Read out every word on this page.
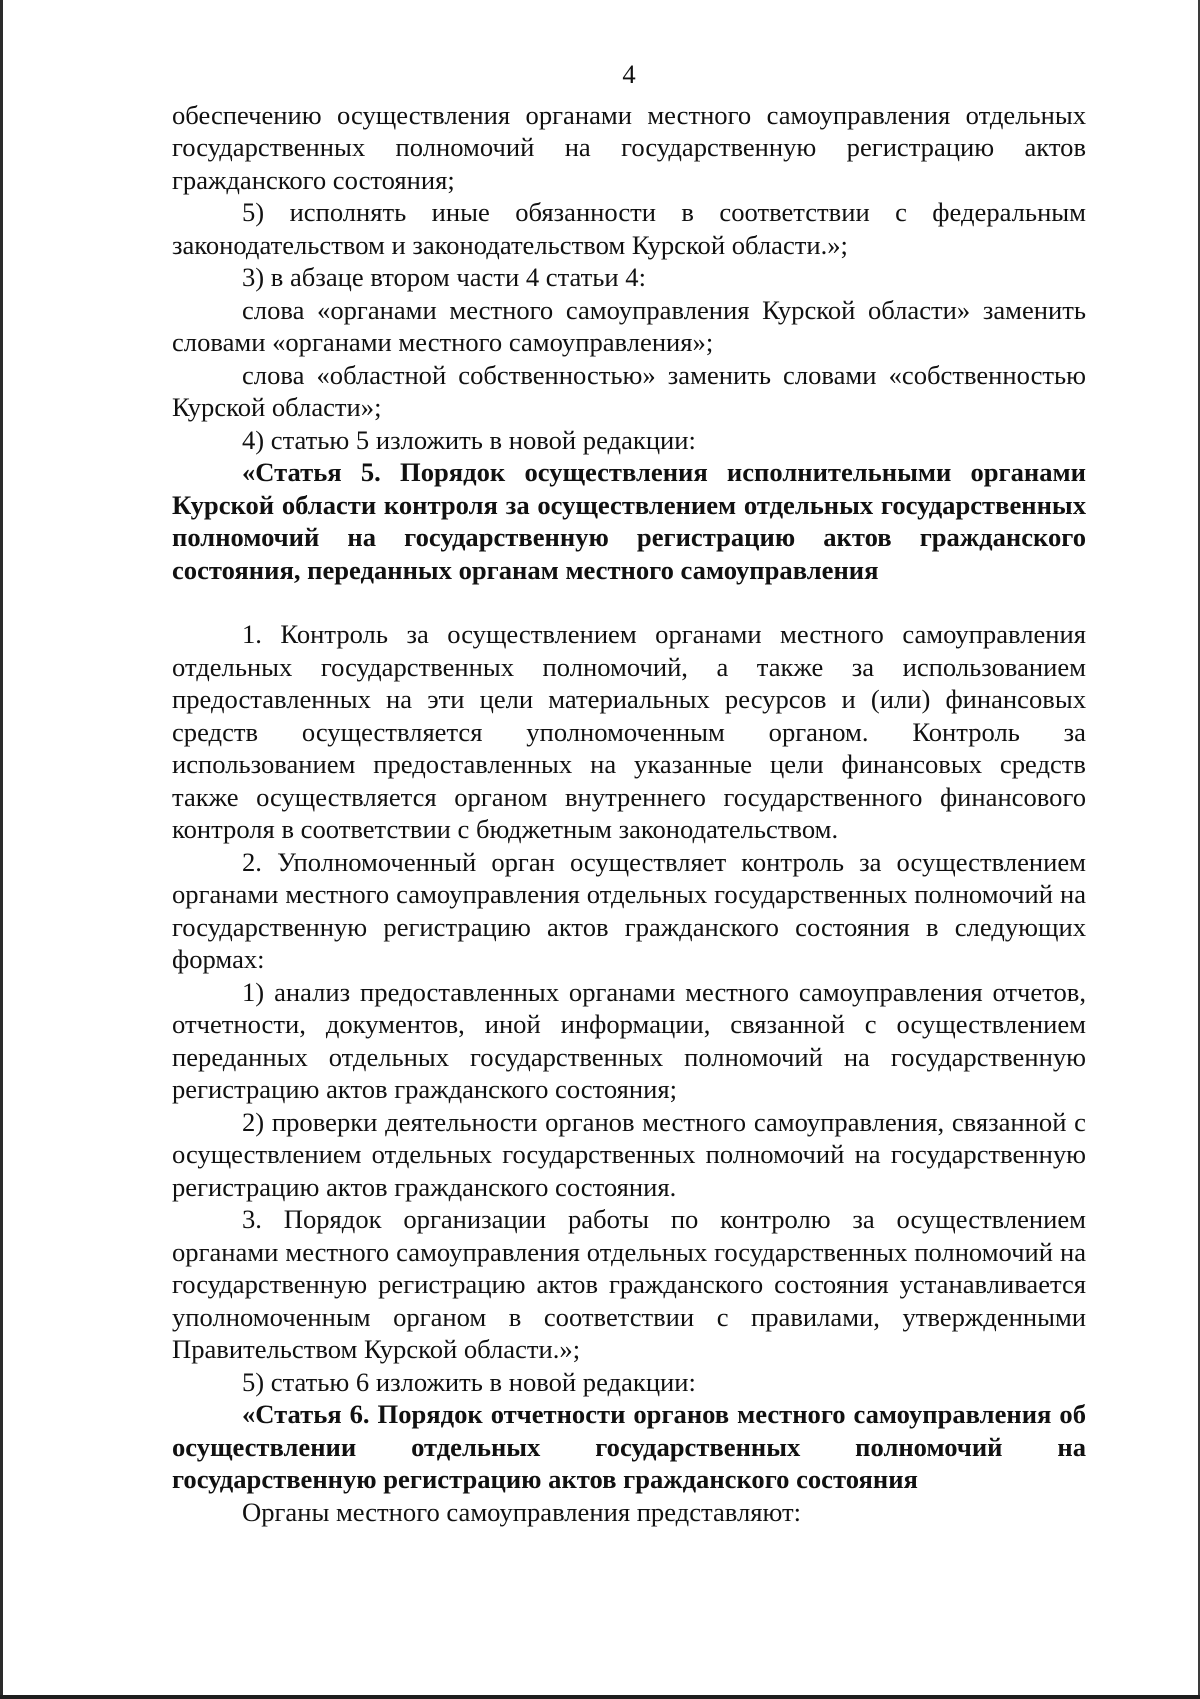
4

обеспечению осуществления органами местного самоуправления отдельных государственных полномочий на государственную регистрацию актов гражданского состояния;

5) исполнять иные обязанности в соответствии с федеральным законодательством и законодательством Курской области.»;

3) в абзаце втором части 4 статьи 4:

слова «органами местного самоуправления Курской области» заменить словами «органами местного самоуправления»;

слова «областной собственностью» заменить словами «собственностью Курской области»;

4) статью 5 изложить в новой редакции:

«Статья 5. Порядок осуществления исполнительными органами Курской области контроля за осуществлением отдельных государственных полномочий на государственную регистрацию актов гражданского состояния, переданных органам местного самоуправления

1. Контроль за осуществлением органами местного самоуправления отдельных государственных полномочий, а также за использованием предоставленных на эти цели материальных ресурсов и (или) финансовых средств осуществляется уполномоченным органом. Контроль за использованием предоставленных на указанные цели финансовых средств также осуществляется органом внутреннего государственного финансового контроля в соответствии с бюджетным законодательством.

2. Уполномоченный орган осуществляет контроль за осуществлением органами местного самоуправления отдельных государственных полномочий на государственную регистрацию актов гражданского состояния в следующих формах:

1) анализ предоставленных органами местного самоуправления отчетов, отчетности, документов, иной информации, связанной с осуществлением переданных отдельных государственных полномочий на государственную регистрацию актов гражданского состояния;

2) проверки деятельности органов местного самоуправления, связанной с осуществлением отдельных государственных полномочий на государственную регистрацию актов гражданского состояния.

3. Порядок организации работы по контролю за осуществлением органами местного самоуправления отдельных государственных полномочий на государственную регистрацию актов гражданского состояния устанавливается уполномоченным органом в соответствии с правилами, утвержденными Правительством Курской области.»;

5) статью 6 изложить в новой редакции:

«Статья 6. Порядок отчетности органов местного самоуправления об осуществлении отдельных государственных полномочий на государственную регистрацию актов гражданского состояния

Органы местного самоуправления представляют:
